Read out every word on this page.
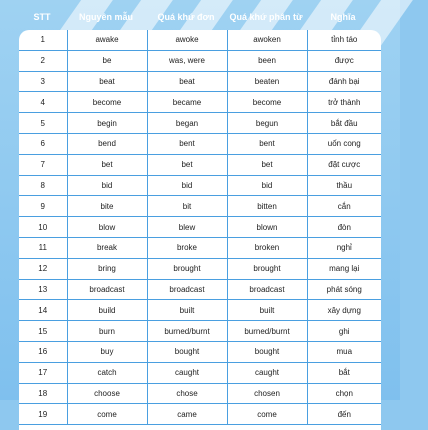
STT	Nguyên mẫu	Quá khứ đơn	Quá khứ phân từ	Nghĩa
1	awake	awoke	awoken	tỉnh táo
2	be	was, were	been	được
3	beat	beat	beaten	đánh bại
4	become	became	become	trở thành
5	begin	began	begun	bắt đầu
6	bend	bent	bent	uốn cong
7	bet	bet	bet	đặt cược
8	bid	bid	bid	thầu
9	bite	bit	bitten	cắn
10	blow	blew	blown	đòn
11	break	broke	broken	nghỉ
12	bring	brought	brought	mang lại
13	broadcast	broadcast	broadcast	phát sóng
14	build	built	built	xây dựng
15	burn	burned/burnt	burned/burnt	ghi
16	buy	bought	bought	mua
17	catch	caught	caught	bắt
18	choose	chose	chosen	chọn
19	come	came	come	đến
